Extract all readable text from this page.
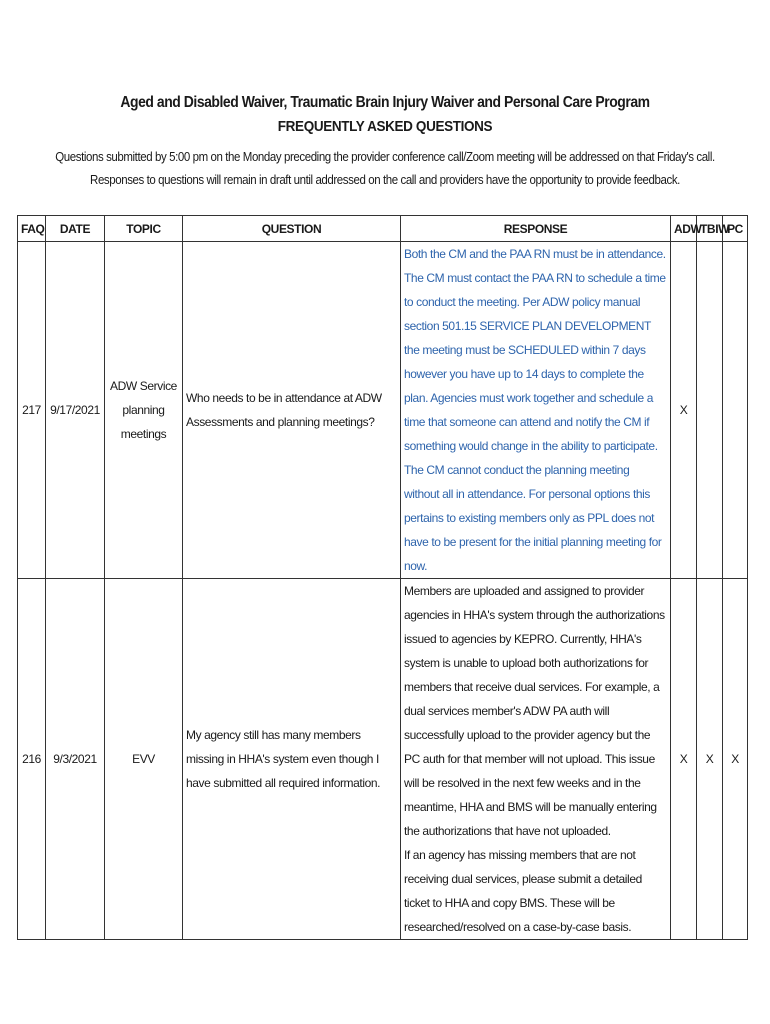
Aged and Disabled Waiver, Traumatic Brain Injury Waiver and Personal Care Program
FREQUENTLY ASKED QUESTIONS
Questions submitted by 5:00 pm on the Monday preceding the provider conference call/Zoom meeting will be addressed on that Friday's call. Responses to questions will remain in draft until addressed on the call and providers have the opportunity to provide feedback.
FAQ	DATE	TOPIC	QUESTION	RESPONSE	ADW	TBIW	PC
217	9/17/2021	ADW Service planning meetings	Who needs to be in attendance at ADW Assessments and planning meetings?	Both the CM and the PAA RN must be in attendance. The CM must contact the PAA RN to schedule a time to conduct the meeting. Per ADW policy manual section 501.15 SERVICE PLAN DEVELOPMENT the meeting must be SCHEDULED within 7 days however you have up to 14 days to complete the plan. Agencies must work together and schedule a time that someone can attend and notify the CM if something would change in the ability to participate. The CM cannot conduct the planning meeting without all in attendance. For personal options this pertains to existing members only as PPL does not have to be present for the initial planning meeting for now.	X		
216	9/3/2021	EVV	My agency still has many members missing in HHA's system even though I have submitted all required information.	Members are uploaded and assigned to provider agencies in HHA's system through the authorizations issued to agencies by KEPRO. Currently, HHA's system is unable to upload both authorizations for members that receive dual services. For example, a dual services member's ADW PA auth will successfully upload to the provider agency but the PC auth for that member will not upload. This issue will be resolved in the next few weeks and in the meantime, HHA and BMS will be manually entering the authorizations that have not uploaded.
If an agency has missing members that are not receiving dual services, please submit a detailed ticket to HHA and copy BMS. These will be researched/resolved on a case-by-case basis.	X	X	X
